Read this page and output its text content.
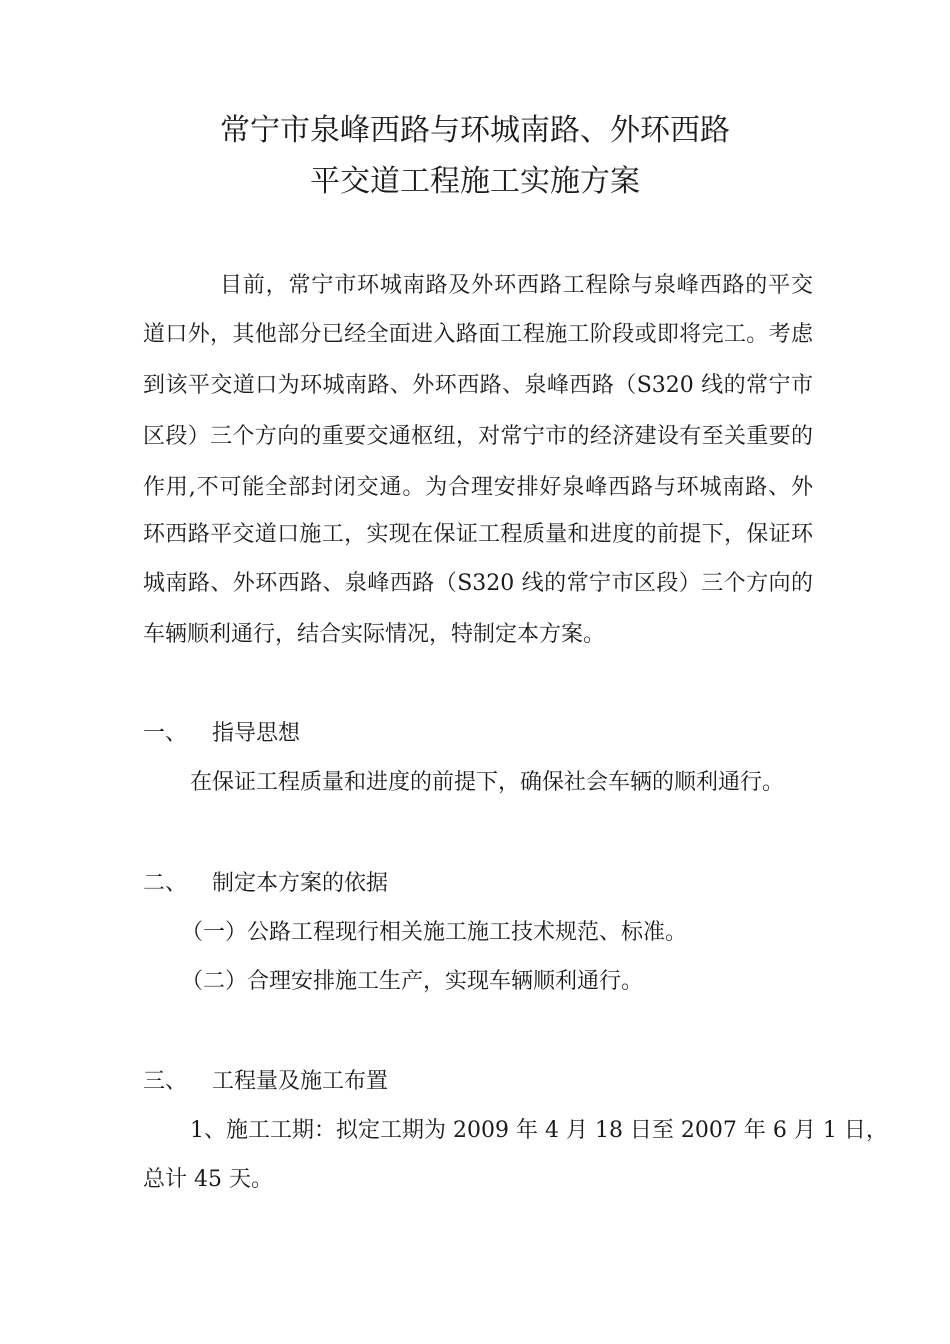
常宁市泉峰西路与环城南路、外环西路
平交道工程施工实施方案
目前，常宁市环城南路及外环西路工程除与泉峰西路的平交
道口外，其他部分已经全面进入路面工程施工阶段或即将完工。考虑
到该平交道口为环城南路、外环西路、泉峰西路（S320 线的常宁市
区段）三个方向的重要交通枢纽，对常宁市的经济建设有至关重要的
作用,不可能全部封闭交通。为合理安排好泉峰西路与环城南路、外
环西路平交道口施工，实现在保证工程质量和进度的前提下，保证环
城南路、外环西路、泉峰西路（S320 线的常宁市区段）三个方向的
车辆顺利通行，结合实际情况，特制定本方案。
一、 指导思想
在保证工程质量和进度的前提下，确保社会车辆的顺利通行。
二、 制定本方案的依据
（一）公路工程现行相关施工施工技术规范、标准。
（二）合理安排施工生产，实现车辆顺利通行。
三、 工程量及施工布置
1、施工工期：拟定工期为 2009 年 4 月 18 日至 2007 年 6 月 1 日，
总计 45 天。
